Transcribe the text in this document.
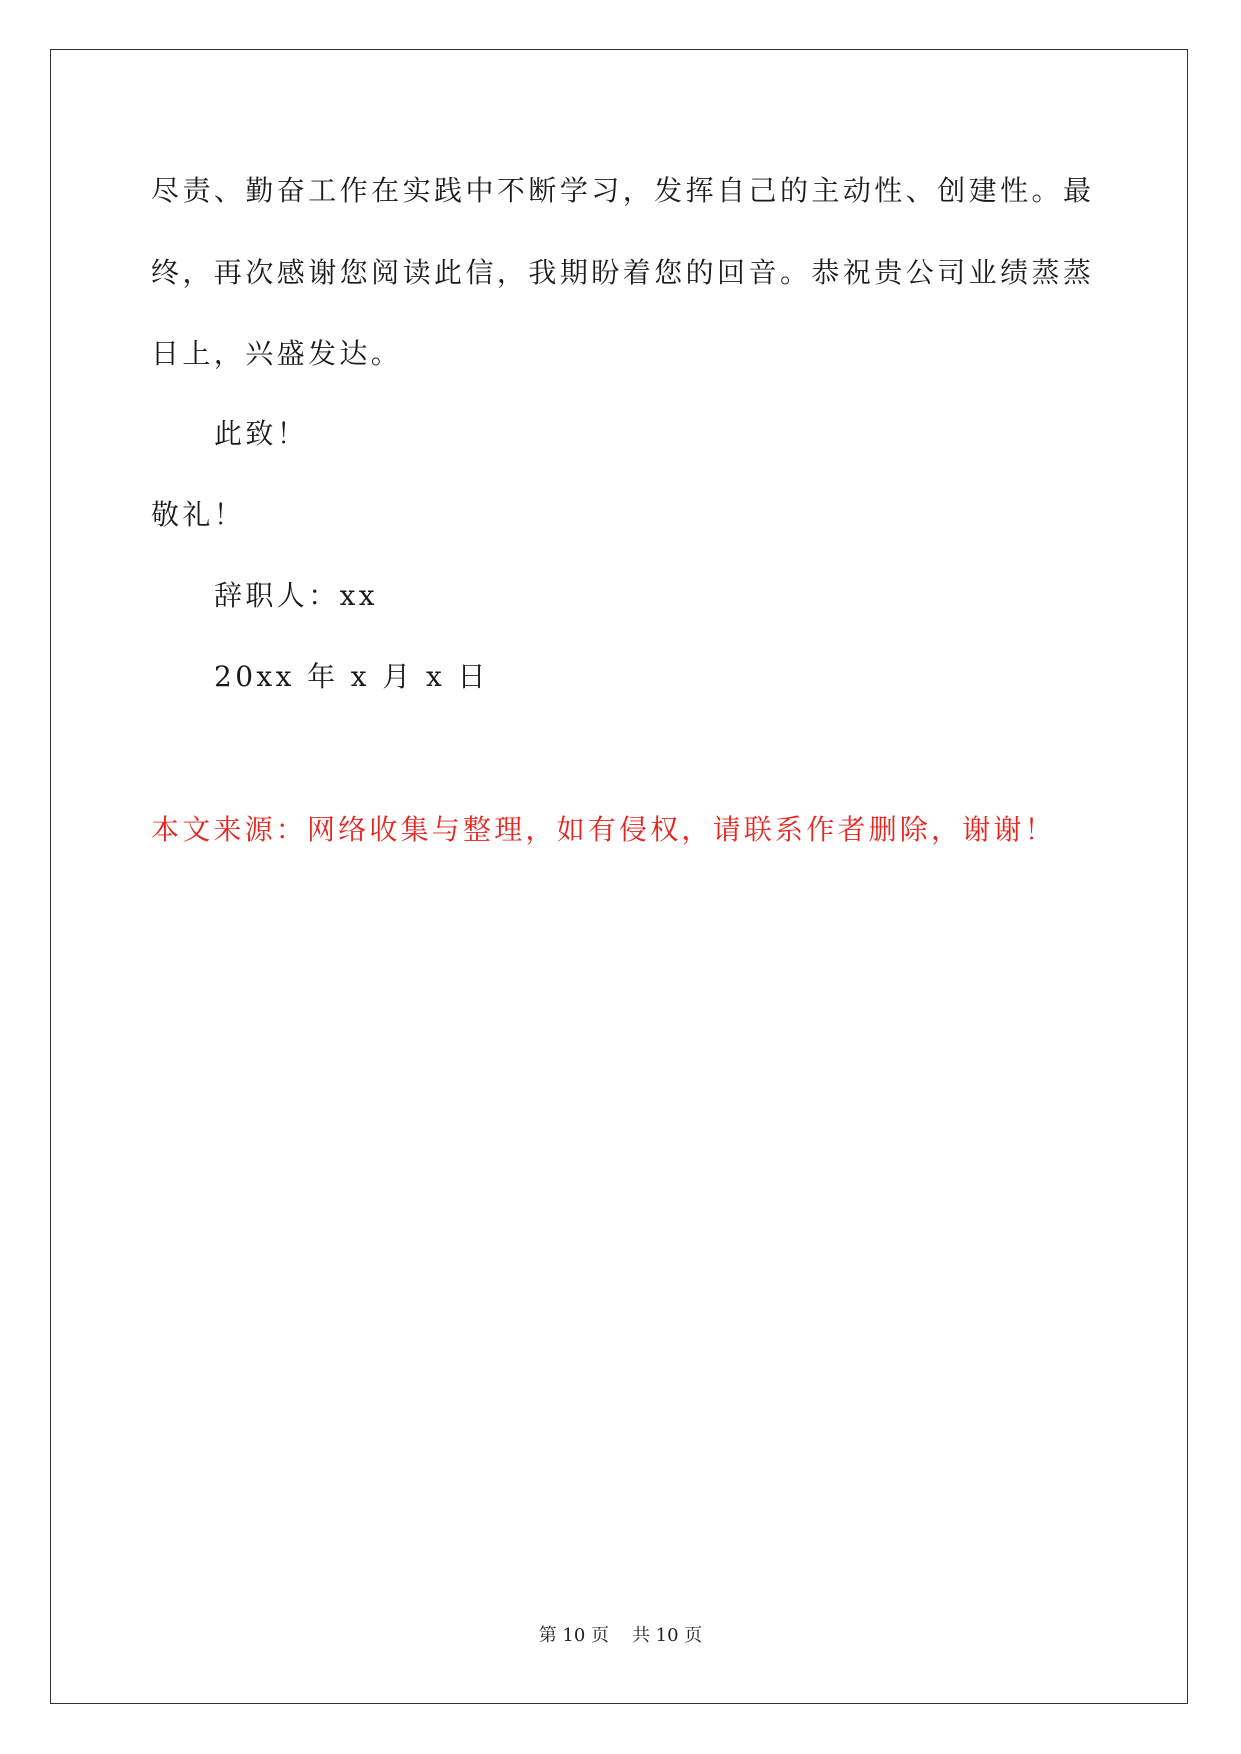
尽责、勤奋工作在实践中不断学习，发挥自己的主动性、创建性。最
终，再次感谢您阅读此信，我期盼着您的回音。恭祝贵公司业绩蒸蒸
日上，兴盛发达。
此致！
敬礼！
辞职人：xx
20xx 年 x 月 x 日
本文来源：网络收集与整理，如有侵权，请联系作者删除，谢谢！
第 10 页 共 10 页
